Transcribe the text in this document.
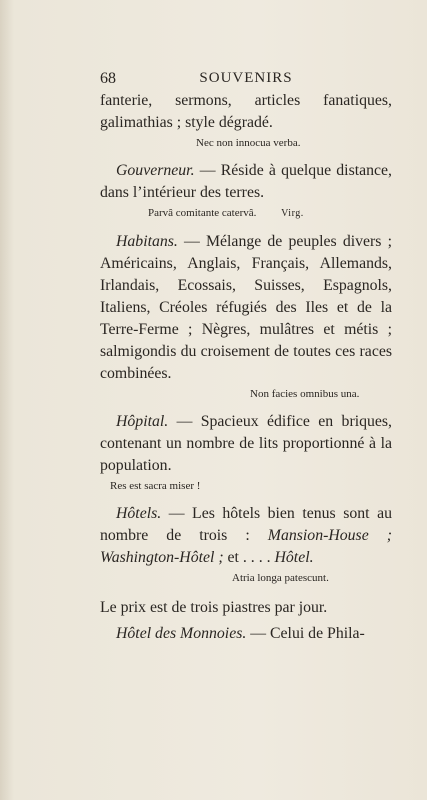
68	SOUVENIRS

fanterie, sermons, articles fanatiques, galimathias ; style dégradé.

Nec non innocua verba.

Gouverneur. — Réside à quelque distance, dans l’intérieur des terres.

Parvâ comitante catervâ. Virg.

Habitans. — Mélange de peuples divers ; Américains, Anglais, Français, Allemands, Irlandais, Ecossais, Suisses, Espagnols, Italiens, Créoles réfugiés des Iles et de la Terre-Ferme ; Nègres, mulâtres et métis ; salmigondis du croisement de toutes ces races combinées.

Non facies omnibus una.

Hôpital. — Spacieux édifice en briques, contenant un nombre de lits proportionné à la population.

Res est sacra miser !

Hôtels. — Les hôtels bien tenus sont au nombre de trois : Mansion-House ; Washington-Hôtel ; et . . . . Hôtel.

Atria longa patescunt.

Le prix est de trois piastres par jour.

Hôtel des Monnoies. — Celui de Phila-
